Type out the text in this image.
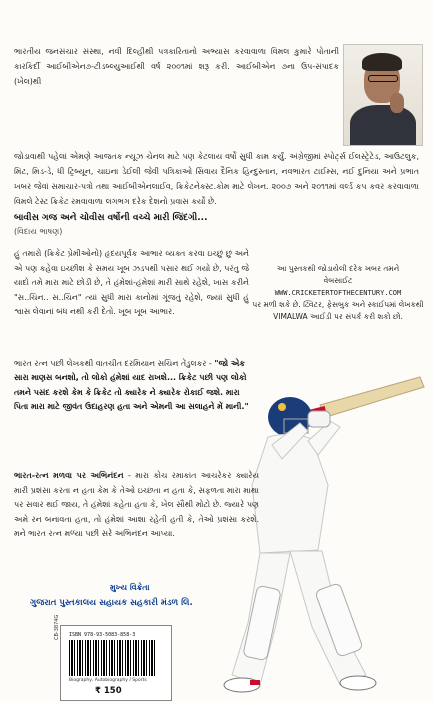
ભારતીય જનસંચાર સંસ્થા, નવી દિલ્હીથી પત્રકારિતાનો અભ્યાસ કરવાવાળા વિમલ કુમારે પોતાની કારકિર્દી આઈબીએન૭-ટીડબ્લ્યુઆઈથી વર્ષ ૨૦૦૧માં શરૂ કરી. આઈબીએન ૭ના ઉપ-સંપાદક (ખેલ)થી
જોડાવાથી પહેલાં એમણે આજતક ન્યૂઝ ચેનલ માટે પણ કેટલાય વર્ષો સુધી કામ કર્યું. અંગ્રેજીમાં સ્પોર્ટ્સ ઈલસ્ટ્રેટેડ, આઉટલુક, મિંટ, મિડ-ડે, ધી ટ્રિબ્યૂન, ચાઇના ડેઈલી જેવી પત્રિકાઓ સિવાય દૈનિક હિન્દુસ્તાન, નવભારત ટાઈમ્સ, નઈ દુનિયા અને પ્રભાત ખબર જેવાં સમાચાર-પત્રો તથા આઈબીએનલાઈવ, ક્રિકેટનેક્સ્ટ.કોમ માટે લેખન. ૨૦૦૭ અને ૨૦૧૧માં વર્લ્ડ કપ કવર કરવાવાળા વિમલે ટેસ્ટ ક્રિકેટ રમવાવાળા લગભગ દરેક દેશનો પ્રવાસ કર્યો છે.
બાવીસ ગજ અને ચોવીસ વર્ષોની વચ્ચે મારી જિંદગી...
(વિદાય ભાષણ)
હું તમારો (ક્રિકેટ પ્રેમીઓનો) હૃદયપૂર્વક આભાર વ્યક્ત કરવા ઇચ્છું છું અને એ પણ કહેવા ઇચ્છીશ કે સમય ખૂબ ઝડપથી પસાર થઈ ગયો છે, પરંતુ જે યાદો તમે મારા માટે છોડી છે, તે હંમેશાં-હંમેશાં મારી સાથે રહેશે, ખાસ કરીને "સ..ચિન.. સ..ચિન" ત્યાં સુધી મારા કાનોમાં ગૂંજતું રહેશે, જ્યાં સુધી હું શ્વાસ લેવાનાં બંધ નથી કરી દેતો. ખૂબ ખૂબ આભાર.
આ પુસ્તકથી જોડાયેલી દરેક ખબર તમને
વેબસાઈટ
WWW.CRICKETERTOFTHECENTURY.COM
પર મળી શકે છે. ટ્વિટર, ફેસબુક અને સ્કાઈપમાં લેખકથી VIMALWA આઈડી પર સંપર્ક કરી શકો છો.
ભારત રત્ન પછી લેખકથી વાતચીત દરમિયાન સચિન તેંડુલકર - "જો એક સારા માણસ બનશો, તો લોકો હંમેશાં યાદ રાખશે... ક્રિકેટ પછી પણ લોકો તમને પસંદ કરશે કેમ કે ક્રિકેટ તો ક્યારેક ને ક્યારેક રોકાઈ જશે. મારા પિતા મારા માટે જીવંત ઉદાહરણ હતા અને એમની આ સલાહને મેં માની."
ભારત-રત્ન મળવા પર અભિનંદન - મારા કોચ રમાકાંત આચરેકર ક્યારેય મારી પ્રશંસા કરતા ન હતા કેમ કે તેઓ ઇચ્છતા ન હતા કે, સફળતા મારા માથા પર સવાર થઈ જાય, તે હંમેશાં કહેતા હતા કે, ખેલ સૌથી મોટો છે. જ્યારે પણ અમે રન બનાવતા હતા, તો હંમેશાં આશા રહેતી હતી કે, તેઓ પ્રશંસા કરશે. મને ભારત રત્ન મળ્યા પછી સરે અભિનંદન આપ્યા.
મુખ્ય વિક્રેતા
ગુજરાત પુસ્તકાલય સહાયક સહકારી મંડળ લિ.
ISBN 978-93-5083-858-3
Biography, Autobiography / Sports
CB-3874G
₹ 150
